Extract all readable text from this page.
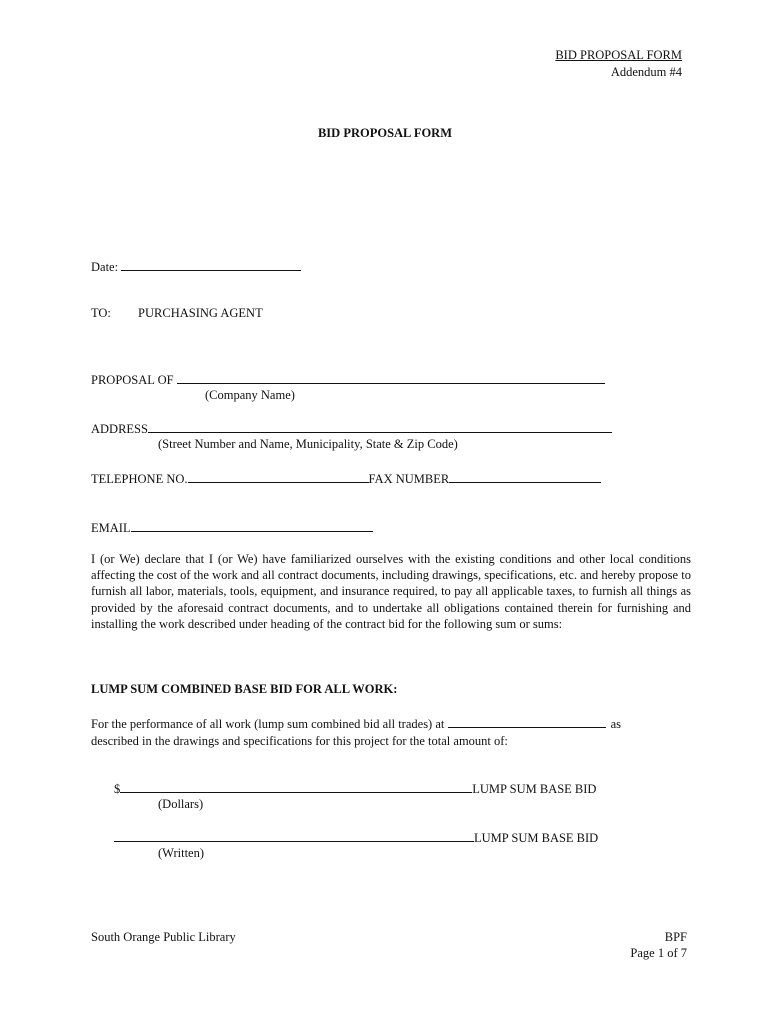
BID PROPOSAL FORM
Addendum #4
BID PROPOSAL FORM
Date:
TO: PURCHASING AGENT
PROPOSAL OF
(Company Name)
ADDRESS
(Street Number and Name, Municipality, State & Zip Code)
TELEPHONE NO.	FAX NUMBER
EMAIL
I (or We) declare that I (or We) have familiarized ourselves with the existing conditions and other local conditions affecting the cost of the work and all contract documents, including drawings, specifications, etc. and hereby propose to furnish all labor, materials, tools, equipment, and insurance required, to pay all applicable taxes, to furnish all things as provided by the aforesaid contract documents, and to undertake all obligations contained therein for furnishing and installing the work described under heading of the contract bid for the following sum or sums:
LUMP SUM COMBINED BASE BID FOR ALL WORK:
For the performance of all work (lump sum combined bid all trades) at	as
described in the drawings and specifications for this project for the total amount of:
$	LUMP SUM BASE BID
(Dollars)
LUMP SUM BASE BID
(Written)
South Orange Public Library	BPF
Page 1 of 7
